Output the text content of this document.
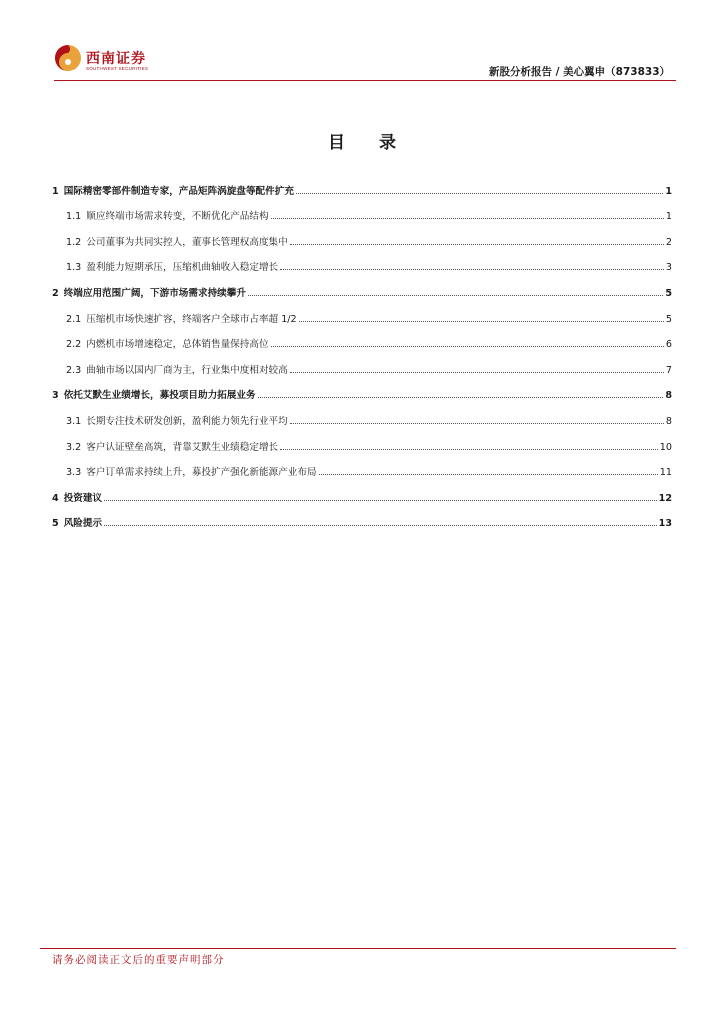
西南证券
SOUTHWEST SECURITIES	新股分析报告 / 美心翼申（873833）
目 录
1 国际精密零部件制造专家，产品矩阵涡旋盘等配件扩充	1
1.1 顺应终端市场需求转变，不断优化产品结构	1
1.2 公司董事为共同实控人，董事长管理权高度集中	2
1.3 盈利能力短期承压，压缩机曲轴收入稳定增长	3
2 终端应用范围广阔，下游市场需求持续攀升	5
2.1 压缩机市场快速扩容，终端客户全球市占率超 1/2	5
2.2 内燃机市场增速稳定，总体销售量保持高位	6
2.3 曲轴市场以国内厂商为主，行业集中度相对较高	7
3 依托艾默生业绩增长，募投项目助力拓展业务	8
3.1 长期专注技术研发创新，盈利能力领先行业平均	8
3.2 客户认证壁垒高筑，背靠艾默生业绩稳定增长	10
3.3 客户订单需求持续上升，募投扩产强化新能源产业布局	11
4 投资建议	12
5 风险提示	13
请务必阅读正文后的重要声明部分
